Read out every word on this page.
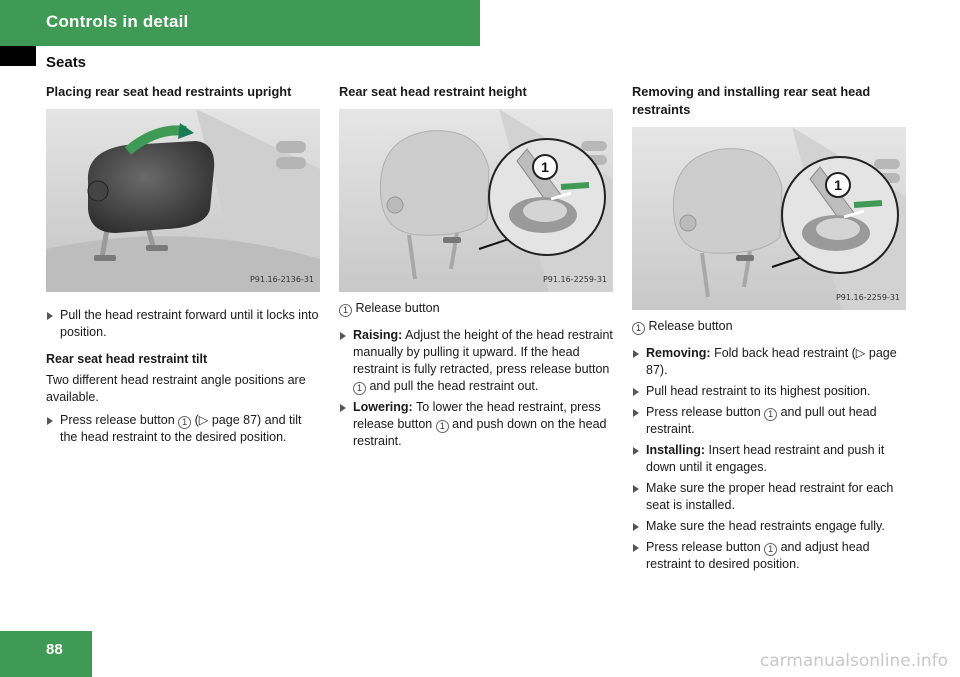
Controls in detail
Seats
Placing rear seat head restraints upright
P91.16-2136-31
Pull the head restraint forward until it locks into position.
Rear seat head restraint tilt
Two different head restraint angle positions are available.
Press release button 1 (▷ page 87) and tilt the head restraint to the desired position.
Rear seat head restraint height
1
P91.16-2259-31
1 Release button
Raising: Adjust the height of the head restraint manually by pulling it upward. If the head restraint is fully retracted, press release button 1 and pull the head restraint out.
Lowering: To lower the head restraint, press release button 1 and push down on the head restraint.
Removing and installing rear seat head restraints
1
P91.16-2259-31
1 Release button
Removing: Fold back head restraint (▷ page 87).
Pull head restraint to its highest position.
Press release button 1 and pull out head restraint.
Installing: Insert head restraint and push it down until it engages.
Make sure the proper head restraint for each seat is installed.
Make sure the head restraints engage fully.
Press release button 1 and adjust head restraint to desired position.
88
carmanualsonline.info
